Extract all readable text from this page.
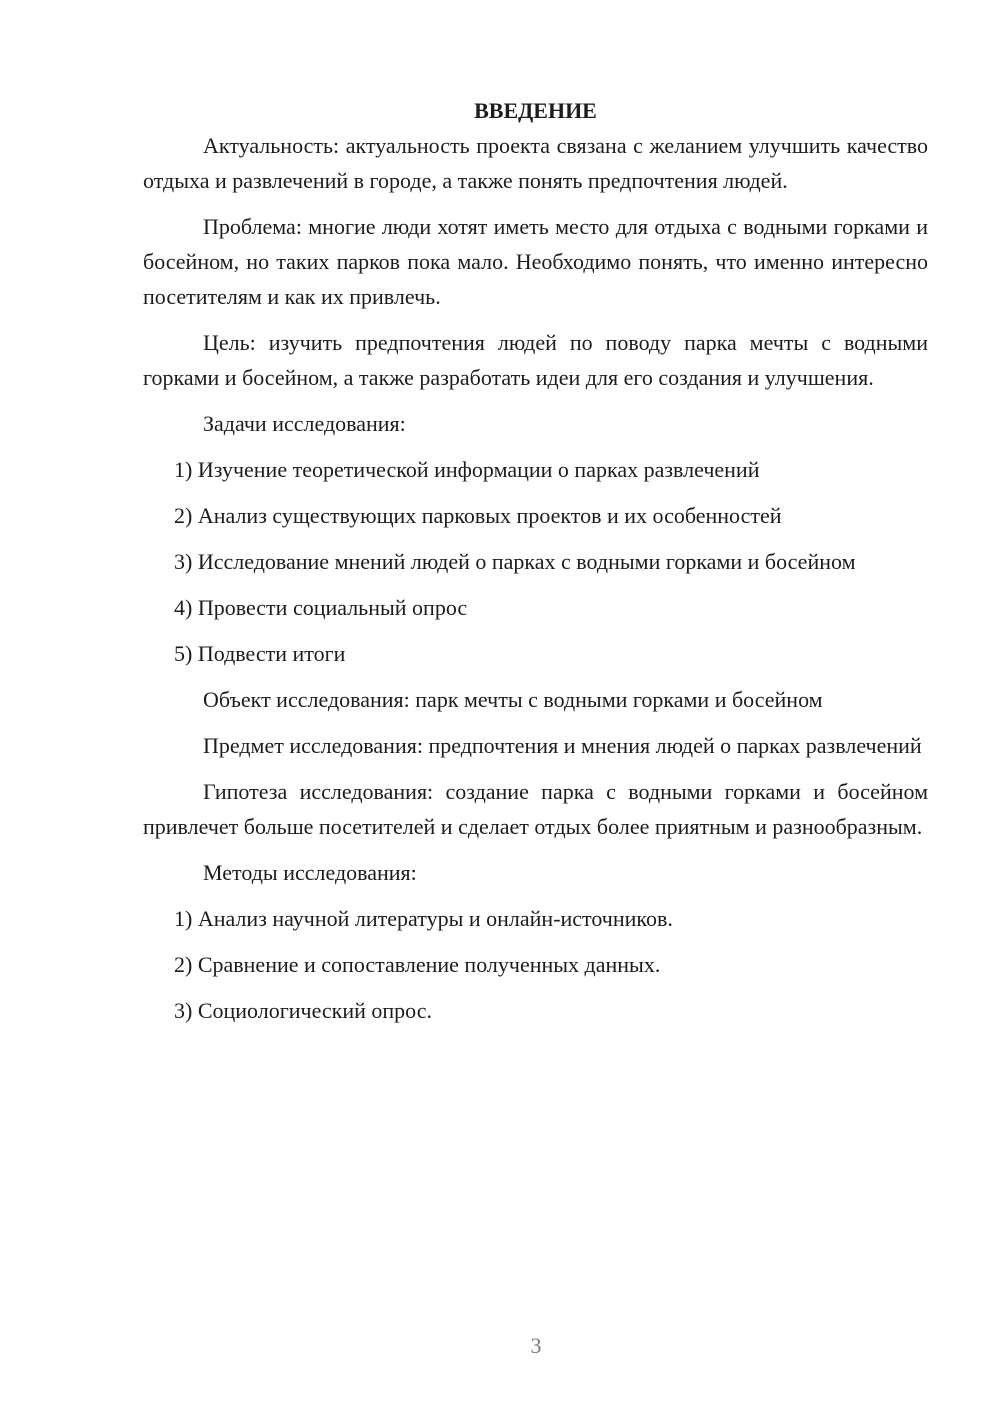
ВВЕДЕНИЕ

Актуальность: актуальность проекта связана с желанием улучшить качество отдыха и развлечений в городе, а также понять предпочтения людей.

Проблема: многие люди хотят иметь место для отдыха с водными горками и босейном, но таких парков пока мало. Необходимо понять, что именно интересно посетителям и как их привлечь.

Цель: изучить предпочтения людей по поводу парка мечты с водными горками и босейном, а также разработать идеи для его создания и улучшения.

Задачи исследования:

1) Изучение теоретической информации о парках развлечений

2) Анализ существующих парковых проектов и их особенностей

3) Исследование мнений людей о парках с водными горками и босейном

4) Провести социальный опрос

5) Подвести итоги

Объект исследования: парк мечты с водными горками и босейном

Предмет исследования: предпочтения и мнения людей о парках развлечений

Гипотеза исследования: создание парка с водными горками и босейном привлечет больше посетителей и сделает отдых более приятным и разнообразным.

Методы исследования:

1) Анализ научной литературы и онлайн-источников.

2) Сравнение и сопоставление полученных данных.

3) Социологический опрос.

3
